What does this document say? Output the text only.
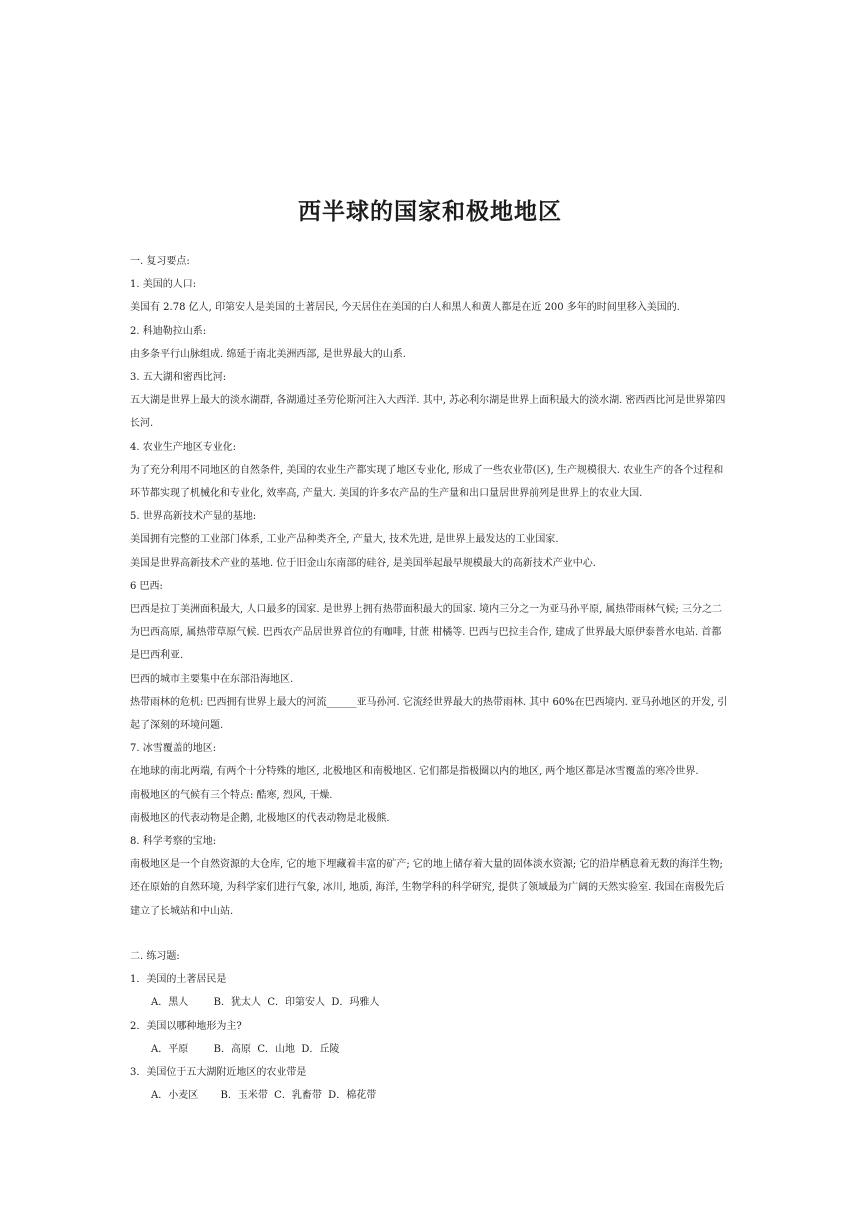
西半球的国家和极地地区

一. 复习要点:

1. 美国的人口:

美国有 2.78 亿人, 印第安人是美国的土著居民, 今天居住在美国的白人和黑人和黄人都是在近 200 多年的时间里移入美国的.

2. 科迪勒拉山系:

由多条平行山脉组成. 绵延于南北美洲西部, 是世界最大的山系.

3. 五大湖和密西比河:

五大湖是世界上最大的淡水湖群, 各湖通过圣劳伦斯河注入大西洋. 其中, 苏必利尔湖是世界上面积最大的淡水湖. 密西西比河是世界第四长河.

4. 农业生产地区专业化:

为了充分利用不同地区的自然条件, 美国的农业生产都实现了地区专业化, 形成了一些农业带(区), 生产规模很大. 农业生产的各个过程和环节都实现了机械化和专业化, 效率高, 产量大. 美国的许多农产品的生产量和出口量居世界前列是世界上的农业大国.

5. 世界高新技术产显的基地:

美国拥有完整的工业部门体系, 工业产品种类齐全, 产量大, 技术先进, 是世界上最发达的工业国家.

美国是世界高新技术产业的基地. 位于旧金山东南部的硅谷, 是美国举起最早规模最大的高新技术产业中心.

6 巴西:

巴西是拉丁美洲面积最大, 人口最多的国家. 是世界上拥有热带面积最大的国家. 境内三分之一为亚马孙平原, 属热带雨林气候; 三分之二为巴西高原, 属热带草原气候. 巴西农产品居世界首位的有咖啡, 甘蔗 柑橘等. 巴西与巴拉圭合作, 建成了世界最大原伊泰普水电站. 首都是巴西利亚.

巴西的城市主要集中在东部沿海地区.

热带雨林的危机: 巴西拥有世界上最大的河流______亚马孙河. 它流经世界最大的热带雨林. 其中 60%在巴西境内. 亚马孙地区的开发, 引起了深刻的环境问题.

7. 冰雪覆盖的地区:

在地球的南北两端, 有两个十分特殊的地区, 北极地区和南极地区. 它们都是指极圈以内的地区, 两个地区都是冰雪覆盖的寒冷世界.

南极地区的气候有三个特点: 酷寒, 烈风, 干燥.

南极地区的代表动物是企鹅, 北极地区的代表动物是北极熊.

8. 科学考察的宝地:

南极地区是一个自然资源的大仓库, 它的地下埋藏着丰富的矿产; 它的地上储存着大量的固体淡水资源; 它的沿岸栖息着无数的海洋生物; 还在原始的自然环境, 为科学家们进行气象, 冰川, 地质, 海洋, 生物学科的科学研究, 提供了领域最为广阔的天然实验室. 我国在南极先后建立了长城站和中山站.

二. 练习题:

1．美国的土著居民是

A．黑人        B．犹太人  C．印第安人  D．玛雅人

2．美国以哪种地形为主?

A．平原        B．高原  C．山地  D．丘陵

3．美国位于五大湖附近地区的农业带是

A．小麦区       B．玉米带  C．乳畜带  D．棉花带
